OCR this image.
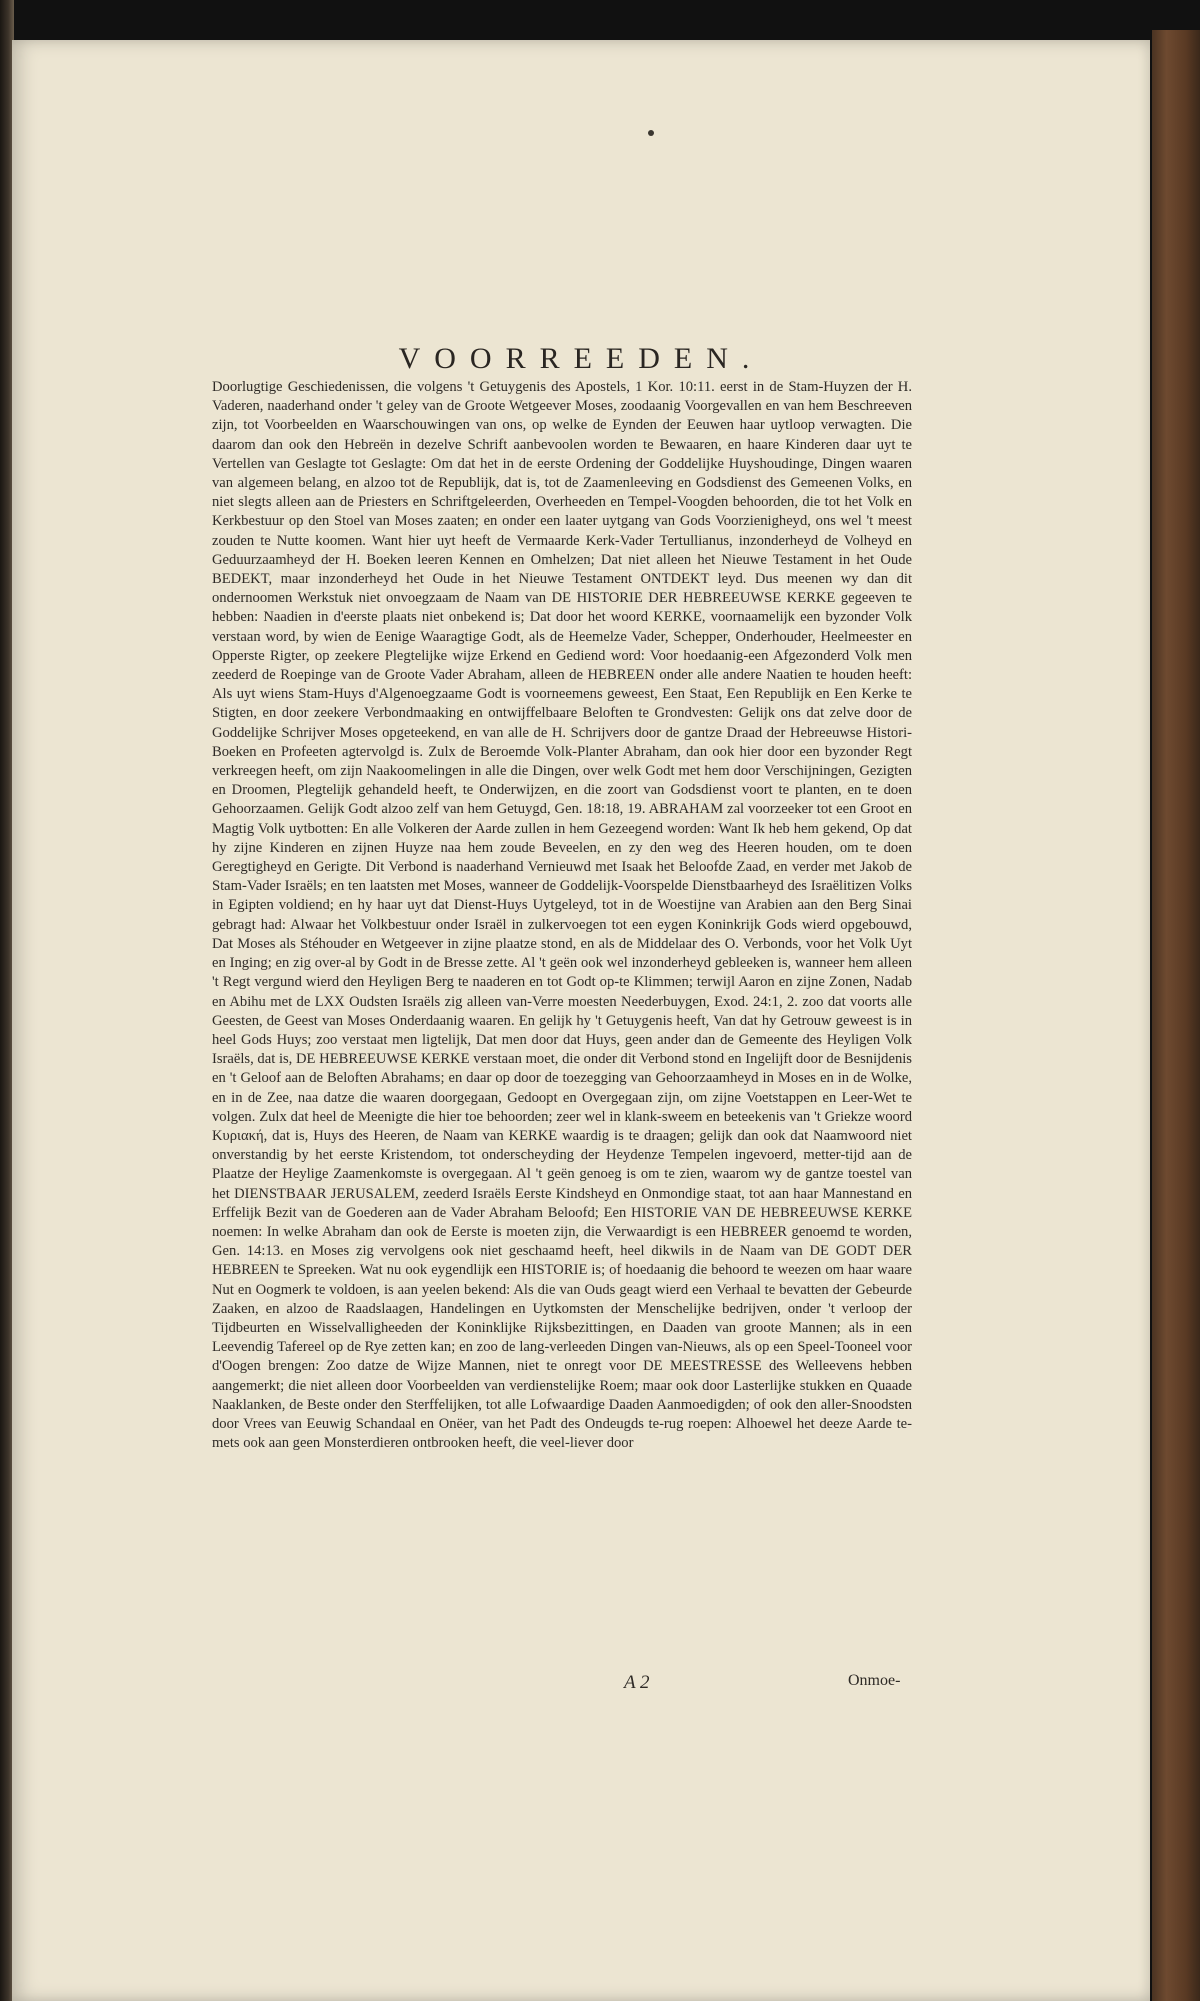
VOORREEDEN.

Doorlugtige Geschiedenissen, die volgens 't Getuygenis des Apostels, 1 Kor. 10:11. eerst in de Stam-Huyzen der H. Vaderen, naaderhand onder 't geley van de Groote Wetgeever Moses, zoodaanig Voorgevallen en van hem Beschreeven zijn, tot Voorbeelden en Waarschouwingen van ons, op welke de Eynden der Eeuwen haar uytloop verwagten. Die daarom dan ook den Hebreën in dezelve Schrift aanbevoolen worden te Bewaaren, en haare Kinderen daar uyt te Vertellen van Geslagte tot Geslagte: Om dat het in de eerste Ordening der Goddelijke Huyshoudinge, Dingen waaren van algemeen belang, en alzoo tot de Republijk, dat is, tot de Zaamenleeving en Godsdienst des Gemeenen Volks, en niet slegts alleen aan de Priesters en Schriftgeleerden, Overheeden en Tempel-Voogden behoorden, die tot het Volk en Kerkbestuur op den Stoel van Moses zaaten; en onder een laater uytgang van Gods Voorzienigheyd, ons wel 't meest zouden te Nutte koomen. Want hier uyt heeft de Vermaarde Kerk-Vader Tertullianus, inzonderheyd de Volheyd en Geduurzaamheyd der H. Boeken leeren Kennen en Omhelzen; Dat niet alleen het Nieuwe Testament in het Oude BEDEKT, maar inzonderheyd het Oude in het Nieuwe Testament ONTDEKT leyd. Dus meenen wy dan dit ondernoomen Werkstuk niet onvoegzaam de Naam van DE HISTORIE DER HEBREEUWSE KERKE gegeeven te hebben: Naadien in d'eerste plaats niet onbekend is; Dat door het woord KERKE, voornaamelijk een byzonder Volk verstaan word, by wien de Eenige Waaragtige Godt, als de Heemelze Vader, Schepper, Onderhouder, Heelmeester en Opperste Rigter, op zeekere Plegtelijke wijze Erkend en Gediend word: Voor hoedaanig-een Afgezonderd Volk men zeederd de Roepinge van de Groote Vader Abraham, alleen de HEBREEN onder alle andere Naatien te houden heeft: Als uyt wiens Stam-Huys d'Algenoegzaame Godt is voorneemens geweest, Een Staat, Een Republijk en Een Kerke te Stigten, en door zeekere Verbondmaaking en ontwijffelbaare Beloften te Grondvesten: Gelijk ons dat zelve door de Goddelijke Schrijver Moses opgeteekend, en van alle de H. Schrijvers door de gantze Draad der Hebreeuwse Histori-Boeken en Profeeten agtervolgd is. Zulx de Beroemde Volk-Planter Abraham, dan ook hier door een byzonder Regt verkreegen heeft, om zijn Naakoomelingen in alle die Dingen, over welk Godt met hem door Verschijningen, Gezigten en Droomen, Plegtelijk gehandeld heeft, te Onderwijzen, en die zoort van Godsdienst voort te planten, en te doen Gehoorzaamen. Gelijk Godt alzoo zelf van hem Getuygd, Gen. 18:18, 19. ABRAHAM zal voorzeeker tot een Groot en Magtig Volk uytbotten: En alle Volkeren der Aarde zullen in hem Gezeegend worden: Want Ik heb hem gekend, Op dat hy zijne Kinderen en zijnen Huyze naa hem zoude Beveelen, en zy den weg des Heeren houden, om te doen Geregtigheyd en Gerigte. Dit Verbond is naaderhand Vernieuwd met Isaak het Beloofde Zaad, en verder met Jakob de Stam-Vader Israëls; en ten laatsten met Moses, wanneer de Goddelijk-Voorspelde Dienstbaarheyd des Israëlitizen Volks in Egipten voldiend; en hy haar uyt dat Dienst-Huys Uytgeleyd, tot in de Woestijne van Arabien aan den Berg Sinai gebragt had: Alwaar het Volkbestuur onder Israël in zulkervoegen tot een eygen Koninkrijk Gods wierd opgebouwd, Dat Moses als Stéhouder en Wetgeever in zijne plaatze stond, en als de Middelaar des O. Verbonds, voor het Volk Uyt en Inging; en zig over-al by Godt in de Bresse zette. Al 't geën ook wel inzonderheyd gebleeken is, wanneer hem alleen 't Regt vergund wierd den Heyligen Berg te naaderen en tot Godt op-te Klimmen; terwijl Aaron en zijne Zonen, Nadab en Abihu met de LXX Oudsten Israëls zig alleen van-Verre moesten Neederbuygen, Exod. 24:1, 2. zoo dat voorts alle Geesten, de Geest van Moses Onderdaanig waaren. En gelijk hy 't Getuygenis heeft, Van dat hy Getrouw geweest is in heel Gods Huys; zoo verstaat men ligtelijk, Dat men door dat Huys, geen ander dan de Gemeente des Heyligen Volk Israëls, dat is, DE HEBREEUWSE KERKE verstaan moet, die onder dit Verbond stond en Ingelijft door de Besnijdenis en 't Geloof aan de Beloften Abrahams; en daar op door de toezegging van Gehoorzaamheyd in Moses en in de Wolke, en in de Zee, naa datze die waaren doorgegaan, Gedoopt en Overgegaan zijn, om zijne Voetstappen en Leer-Wet te volgen. Zulx dat heel de Meenigte die hier toe behoorden; zeer wel in klank-sweem en beteekenis van 't Griekze woord Κυριακή, dat is, Huys des Heeren, de Naam van KERKE waardig is te draagen; gelijk dan ook dat Naamwoord niet onverstandig by het eerste Kristendom, tot onderscheyding der Heydenze Tempelen ingevoerd, metter-tijd aan de Plaatze der Heylige Zaamenkomste is overgegaan. Al 't geën genoeg is om te zien, waarom wy de gantze toestel van het DIENSTBAAR JERUSALEM, zeederd Israëls Eerste Kindsheyd en Onmondige staat, tot aan haar Mannestand en Erffelijk Bezit van de Goederen aan de Vader Abraham Beloofd; Een HISTORIE VAN DE HEBREEUWSE KERKE noemen: In welke Abraham dan ook de Eerste is moeten zijn, die Verwaardigt is een HEBREER genoemd te worden, Gen. 14:13. en Moses zig vervolgens ook niet geschaamd heeft, heel dikwils in de Naam van DE GODT DER HEBREEN te Spreeken. Wat nu ook eygendlijk een HISTORIE is; of hoedaanig die behoord te weezen om haar waare Nut en Oogmerk te voldoen, is aan yeelen bekend: Als die van Ouds geagt wierd een Verhaal te bevatten der Gebeurde Zaaken, en alzoo de Raadslaagen, Handelingen en Uytkomsten der Menschelijke bedrijven, onder 't verloop der Tijdbeurten en Wisselvalligheeden der Koninklijke Rijksbezittingen, en Daaden van groote Mannen; als in een Leevendig Tafereel op de Rye zetten kan; en zoo de lang-verleeden Dingen van-Nieuws, als op een Speel-Tooneel voor d'Oogen brengen: Zoo datze de Wijze Mannen, niet te onregt voor DE MEESTRESSE des Welleevens hebben aangemerkt; die niet alleen door Voorbeelden van verdienstelijke Roem; maar ook door Lasterlijke stukken en Quaade Naaklanken, de Beste onder den Sterffelijken, tot alle Lofwaardige Daaden Aanmoedigden; of ook den aller-Snoodsten door Vrees van Eeuwig Schandaal en Onëer, van het Padt des Ondeugds te-rug roepen: Alhoewel het deeze Aarde te-mets ook aan geen Monsterdieren ontbrooken heeft, die veel-liever door

A 2	Onmoe-
